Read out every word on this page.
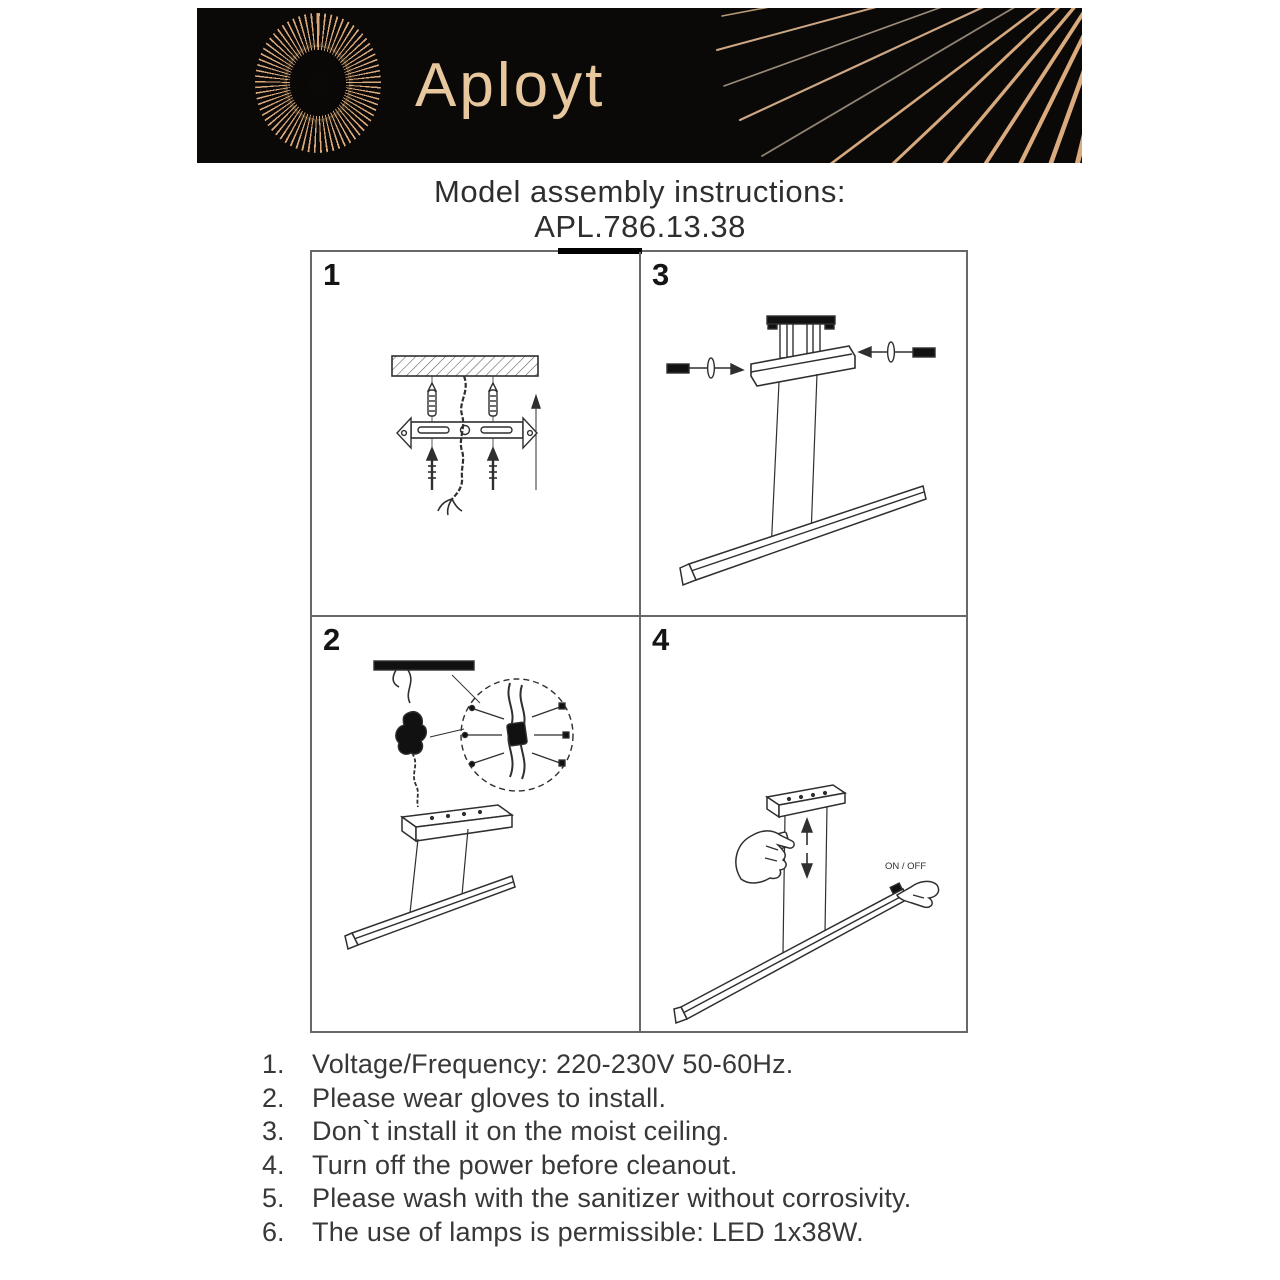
Aployt
Model assembly instructions:
APL.786.13.38
1	3
2	4
ON / OFF
1.	Voltage/Frequency: 220-230V 50-60Hz.
2.	Please wear gloves to install.
3.	Don`t install it on the moist ceiling.
4.	Turn off the power before cleanout.
5.	Please wash with the sanitizer without corrosivity.
6.	The use of lamps is permissible: LED 1x38W.
